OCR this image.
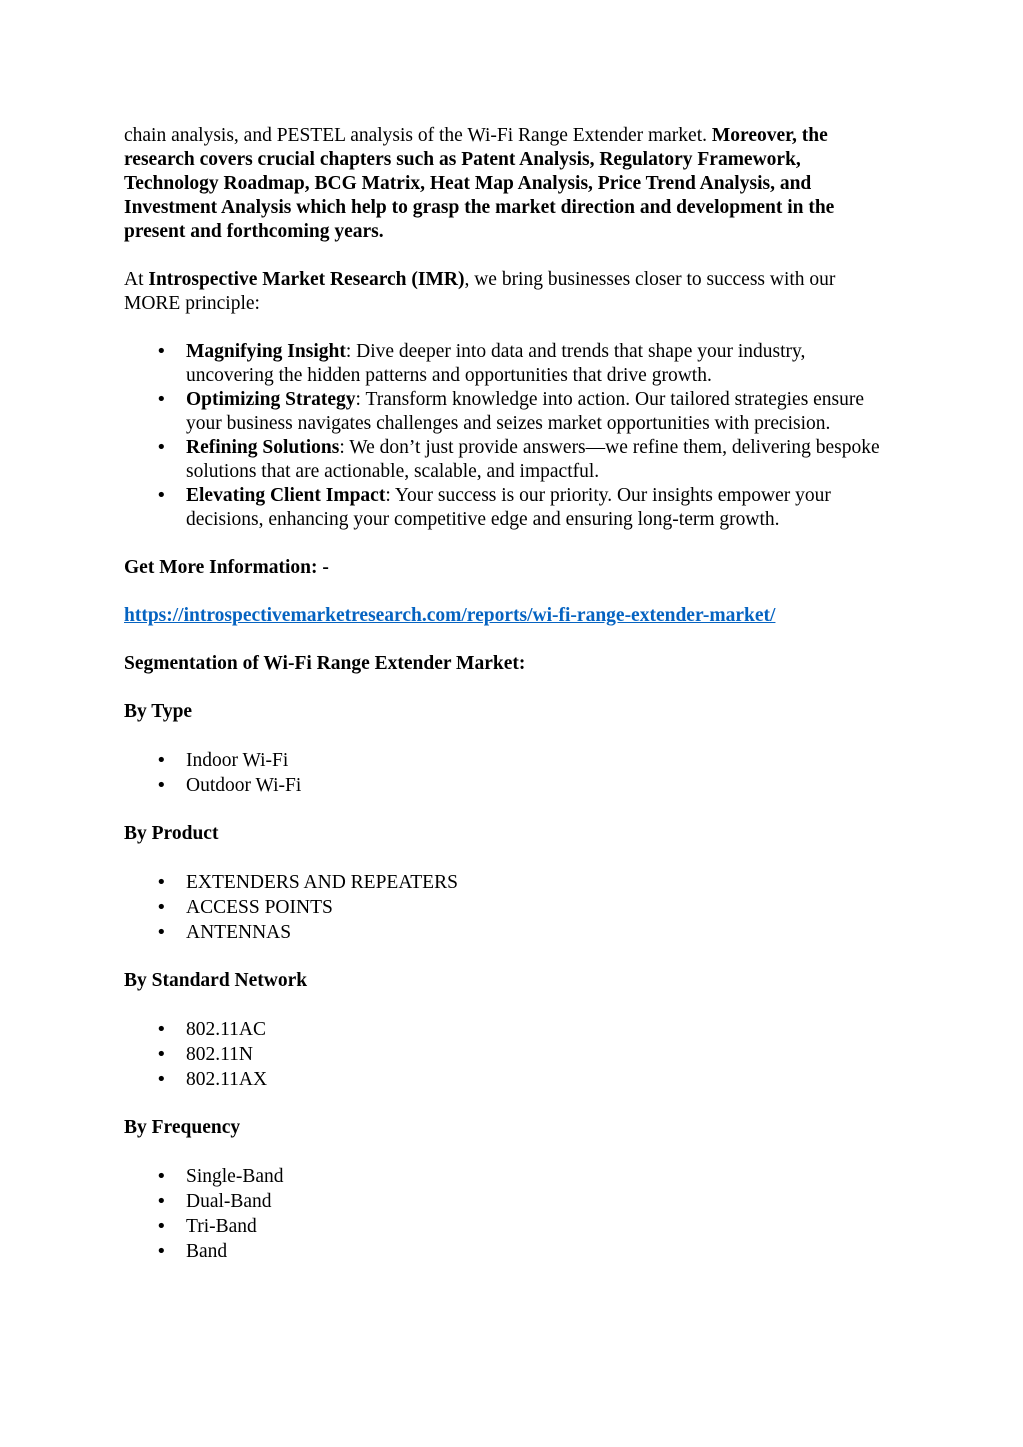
chain analysis, and PESTEL analysis of the Wi-Fi Range Extender market. Moreover, the research covers crucial chapters such as Patent Analysis, Regulatory Framework, Technology Roadmap, BCG Matrix, Heat Map Analysis, Price Trend Analysis, and Investment Analysis which help to grasp the market direction and development in the present and forthcoming years.

At Introspective Market Research (IMR), we bring businesses closer to success with our MORE principle:

• Magnifying Insight: Dive deeper into data and trends that shape your industry, uncovering the hidden patterns and opportunities that drive growth.
• Optimizing Strategy: Transform knowledge into action. Our tailored strategies ensure your business navigates challenges and seizes market opportunities with precision.
• Refining Solutions: We don’t just provide answers—we refine them, delivering bespoke solutions that are actionable, scalable, and impactful.
• Elevating Client Impact: Your success is our priority. Our insights empower your decisions, enhancing your competitive edge and ensuring long-term growth.

Get More Information: -

https://introspectivemarketresearch.com/reports/wi-fi-range-extender-market/

Segmentation of Wi-Fi Range Extender Market:

By Type

• Indoor Wi-Fi
• Outdoor Wi-Fi

By Product

• EXTENDERS AND REPEATERS
• ACCESS POINTS
• ANTENNAS

By Standard Network

• 802.11AC
• 802.11N
• 802.11AX

By Frequency

• Single-Band
• Dual-Band
• Tri-Band
• Band
